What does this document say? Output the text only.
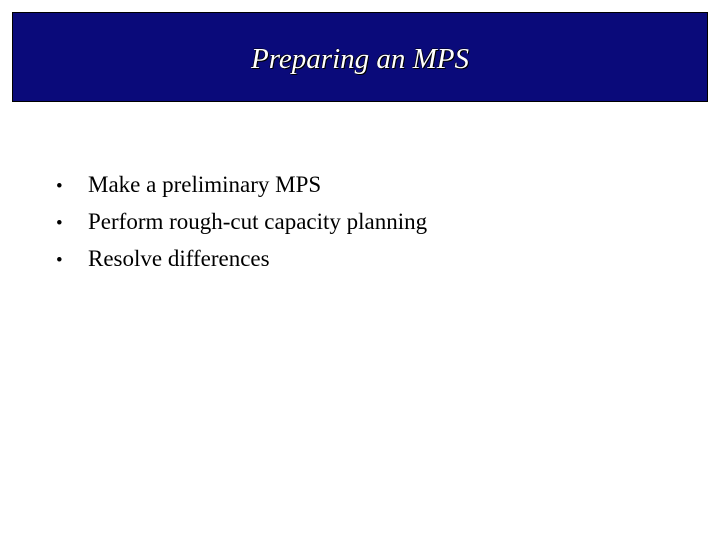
Preparing an MPS
•	Make a preliminary MPS
•	Perform rough-cut capacity planning
•	Resolve differences
